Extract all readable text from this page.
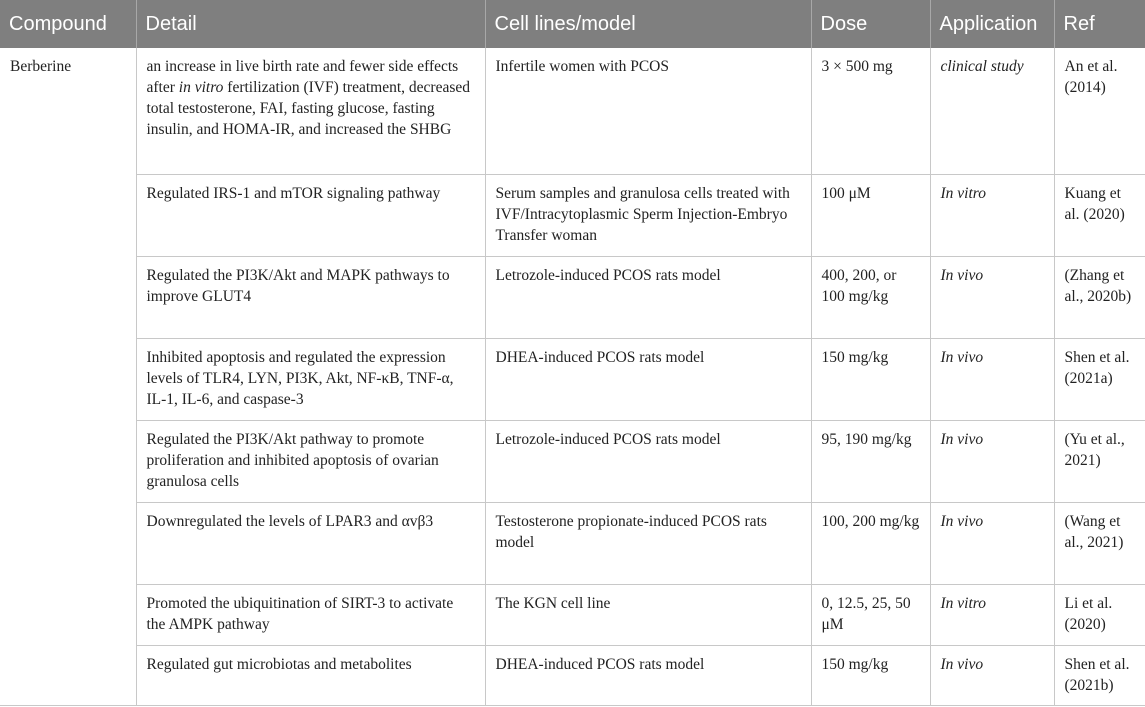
Compound	Detail	Cell lines/model	Dose	Application	Ref
Berberine	an increase in live birth rate and fewer side effects after in vitro fertilization (IVF) treatment, decreased total testosterone, FAI, fasting glucose, fasting insulin, and HOMA-IR, and increased the SHBG	Infertile women with PCOS	3 × 500 mg	clinical study	An et al. (2014)
	Regulated IRS-1 and mTOR signaling pathway	Serum samples and granulosa cells treated with IVF/Intracytoplasmic Sperm Injection-Embryo Transfer woman	100 μM	In vitro	Kuang et al. (2020)
	Regulated the PI3K/Akt and MAPK pathways to improve GLUT4	Letrozole-induced PCOS rats model	400, 200, or 100 mg/kg	In vivo	(Zhang et al., 2020b)
	Inhibited apoptosis and regulated the expression levels of TLR4, LYN, PI3K, Akt, NF-κB, TNF-α, IL-1, IL-6, and caspase-3	DHEA-induced PCOS rats model	150 mg/kg	In vivo	Shen et al. (2021a)
	Regulated the PI3K/Akt pathway to promote proliferation and inhibited apoptosis of ovarian granulosa cells	Letrozole-induced PCOS rats model	95, 190 mg/kg	In vivo	(Yu et al., 2021)
	Downregulated the levels of LPAR3 and αvβ3	Testosterone propionate-induced PCOS rats model	100, 200 mg/kg	In vivo	(Wang et al., 2021)
	Promoted the ubiquitination of SIRT-3 to activate the AMPK pathway	The KGN cell line	0, 12.5, 25, 50 μM	In vitro	Li et al. (2020)
	Regulated gut microbiotas and metabolites	DHEA-induced PCOS rats model	150 mg/kg	In vivo	Shen et al. (2021b)
